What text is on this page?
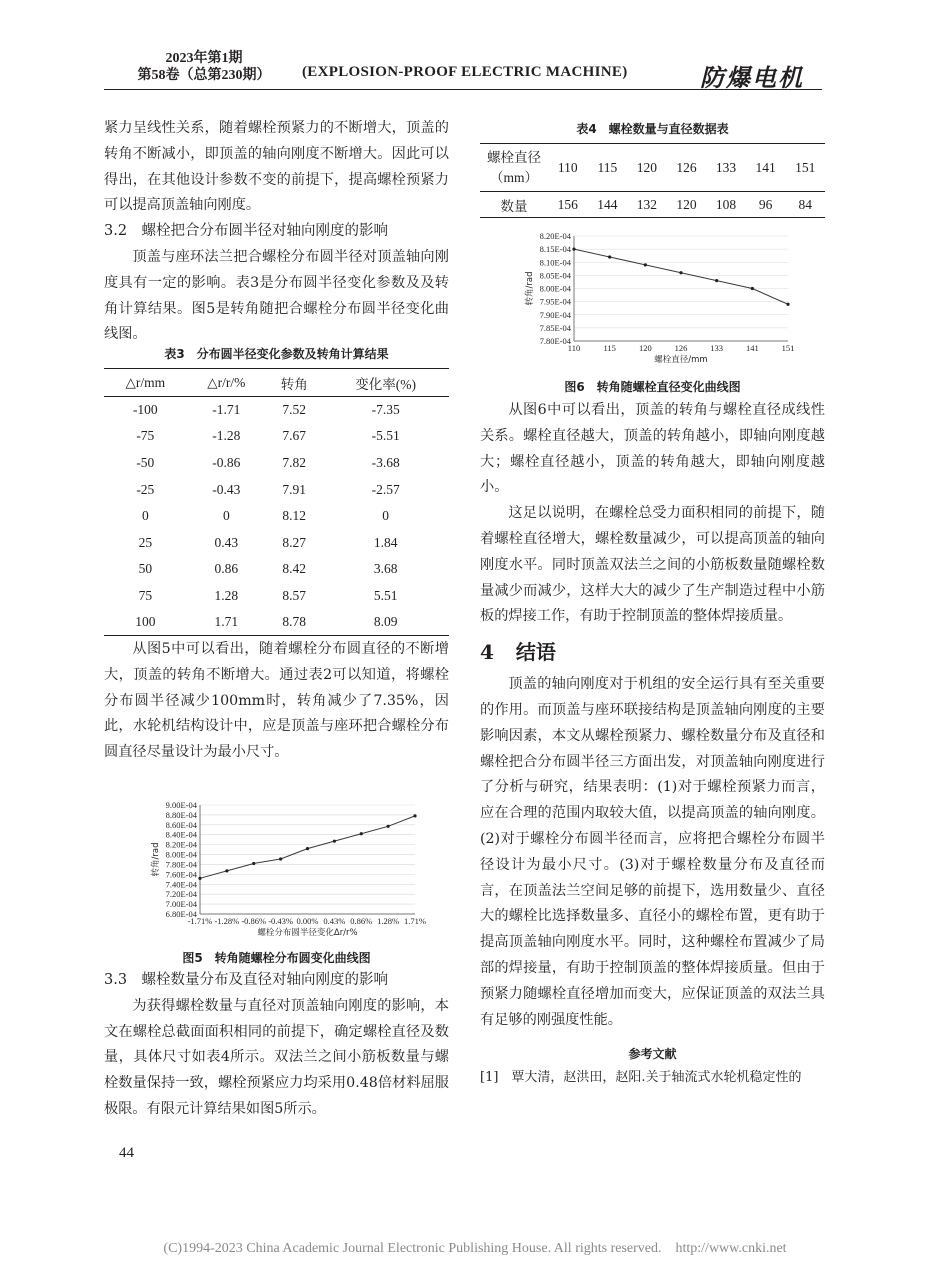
2023年第1期
第58卷（总第230期） (EXPLOSION-PROOF ELECTRIC MACHINE)	防爆电机

紧力呈线性关系，随着螺栓预紧力的不断增大，顶盖的转角不断减小，即顶盖的轴向刚度不断增大。因此可以得出，在其他设计参数不变的前提下，提高螺栓预紧力可以提高顶盖轴向刚度。

3.2　螺栓把合分布圆半径对轴向刚度的影响

顶盖与座环法兰把合螺栓分布圆半径对顶盖轴向刚度具有一定的影响。表3是分布圆半径变化参数及及转角计算结果。图5是转角随把合螺栓分布圆半径变化曲线图。

表3　分布圆半径变化参数及转角计算结果
△r/mm	△r/r/%	转角	变化率(%)
-100	-1.71	7.52	-7.35
-75	-1.28	7.67	-5.51
-50	-0.86	7.82	-3.68
-25	-0.43	7.91	-2.57
0	0	8.12	0
25	0.43	8.27	1.84
50	0.86	8.42	3.68
75	1.28	8.57	5.51
100	1.71	8.78	8.09

从图5中可以看出，随着螺栓分布圆直径的不断增大，顶盖的转角不断增大。通过表2可以知道，将螺栓分布圆半径减少100mm时，转角减少了7.35%，因此，水轮机结构设计中，应是顶盖与座环把合螺栓分布圆直径尽量设计为最小尺寸。

6.80E-04
7.00E-04
7.20E-04
7.40E-04
7.60E-04
7.80E-04
8.00E-04
8.20E-04
8.40E-04
8.60E-04
8.80E-04
9.00E-04
-1.71% -1.28% -0.86% -0.43% 0.00% 0.43% 0.86% 1.28% 1.71%
螺栓分布圆半径变化Δr/r%
转角/rad
图5　转角随螺栓分布圆变化曲线图
3.3　螺栓数量分布及直径对轴向刚度的影响

为获得螺栓数量与直径对顶盖轴向刚度的影响，本文在螺栓总截面面积相同的前提下，确定螺栓直径及数量，具体尺寸如表4所示。双法兰之间小筋板数量与螺栓数量保持一致，螺栓预紧应力均采用0.48倍材料屈服极限。有限元计算结果如图5所示。

44
表4　螺栓数量与直径数据表
螺栓直径（mm）	110	115	120	126	133	141	151
数量	156	144	132	120	108	96	84
7.80E-04
7.85E-04
7.90E-04
7.95E-04
8.00E-04
8.05E-04
8.10E-04
8.15E-04
8.20E-04
110	115	120	126	133	141	151
螺栓直径/mm
转角/rad
图6　转角随螺栓直径变化曲线图

从图6中可以看出，顶盖的转角与螺栓直径成线性关系。螺栓直径越大，顶盖的转角越小，即轴向刚度越大；螺栓直径越小，顶盖的转角越大，即轴向刚度越小。

这足以说明，在螺栓总受力面积相同的前提下，随着螺栓直径增大，螺栓数量减少，可以提高顶盖的轴向刚度水平。同时顶盖双法兰之间的小筋板数量随螺栓数量减少而减少，这样大大的减少了生产制造过程中小筋板的焊接工作，有助于控制顶盖的整体焊接质量。

4 结语

顶盖的轴向刚度对于机组的安全运行具有至关重要的作用。而顶盖与座环联接结构是顶盖轴向刚度的主要影响因素，本文从螺栓预紧力、螺栓数量分布及直径和螺栓把合分布圆半径三方面出发，对顶盖轴向刚度进行了分析与研究，结果表明：(1)对于螺栓预紧力而言，应在合理的范围内取较大值，以提高顶盖的轴向刚度。(2)对于螺栓分布圆半径而言，应将把合螺栓分布圆半径设计为最小尺寸。(3)对于螺栓数量分布及直径而言，在顶盖法兰空间足够的前提下，选用数量少、直径大的螺栓比选择数量多、直径小的螺栓布置，更有助于提高顶盖轴向刚度水平。同时，这种螺栓布置减少了局部的焊接量，有助于控制顶盖的整体焊接质量。但由于预紧力随螺栓直径增加而变大，应保证顶盖的双法兰具有足够的刚强度性能。

参考文献

[1]　覃大清，赵洪田，赵阳.关于轴流式水轮机稳定性的

(C)1994-2023 China Academic Journal Electronic Publishing House. All rights reserved.　http://www.cnki.net
